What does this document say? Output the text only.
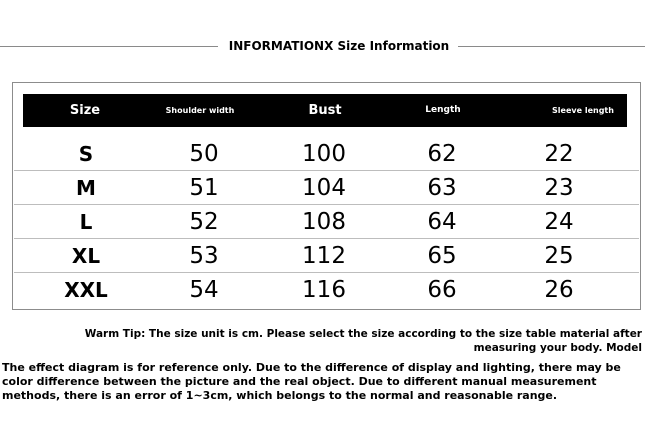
INFORMATIONX Size Information
Size	Shoulder width	Bust	Length	Sleeve length
S	50	100	62	22
M	51	104	63	23
L	52	108	64	24
XL	53	112	65	25
XXL	54	116	66	26
Warm Tip: The size unit is cm. Please select the size according to the size table material after measuring your body. Model
The effect diagram is for reference only. Due to the difference of display and lighting, there may be color difference between the picture and the real object. Due to different manual measurement methods, there is an error of 1~3cm, which belongs to the normal and reasonable range.
